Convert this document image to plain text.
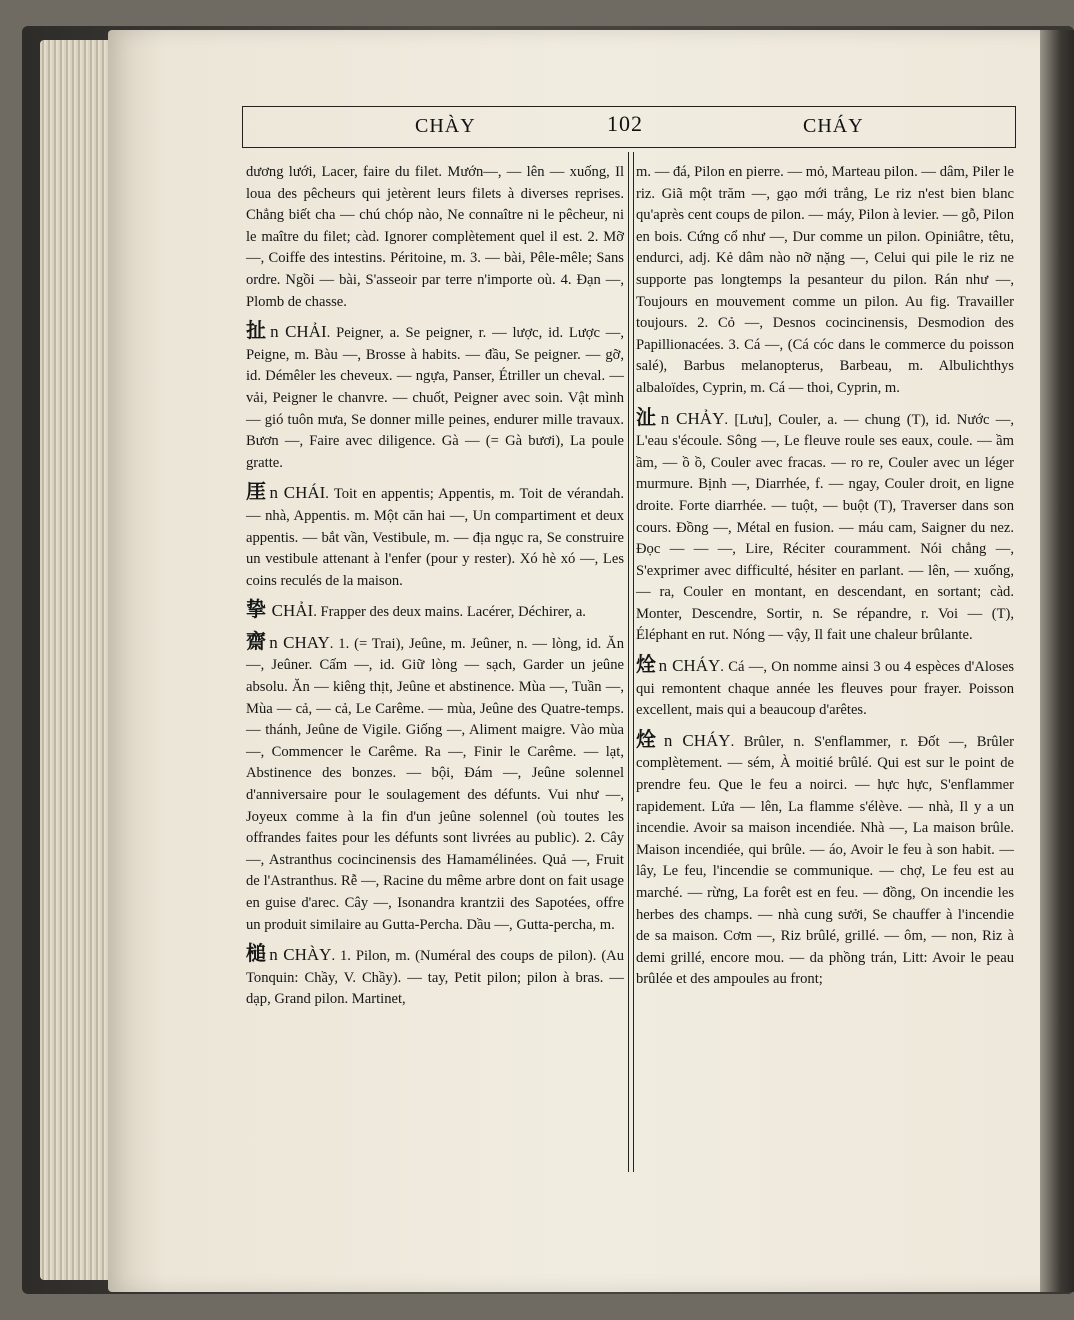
CHÀY	102	CHÁY

dương lưới, Lacer, faire du filet. Mướn—, — lên — xuống, Il loua des pêcheurs qui jetèrent leurs filets à diverses reprises. Chẳng biết cha — chú chóp nào, Ne connaître ni le pêcheur, ni le maître du filet; càd. Ignorer complètement quel il est. 2. Mỡ —, Coiffe des intestins. Péritoine, m. 3. — bài, Pêle-mêle; Sans ordre. Ngồi — bài, S'asseoir par terre n'importe où. 4. Đạn —, Plomb de chasse.

扯 n CHẢI. Peigner, a. Se peigner, r. — lược, id. Lược —, Peigne, m. Bàu —, Brosse à habits. — đầu, Se peigner. — gỡ, id. Démêler les cheveux. — ngựa, Panser, Étriller un cheval. — vải, Peigner le chanvre. — chuốt, Peigner avec soin. Vật mình — gió tuôn mưa, Se donner mille peines, endurer mille travaux. Bươn —, Faire avec diligence. Gà — (= Gà bươi), La poule gratte.

厓 n CHÁI. Toit en appentis; Appentis, m. Toit de vérandah. — nhà, Appentis. m. Một căn hai —, Un compartiment et deux appentis. — bắt vần, Vestibule, m. — địa ngục ra, Se construire un vestibule attenant à l'enfer (pour y rester). Xó hè xó —, Les coins reculés de la maison.

挚 CHẢI. Frapper des deux mains. Lacérer, Déchirer, a.

齋 n CHAY. 1. (= Trai), Jeûne, m. Jeûner, n. — lòng, id. Ăn —, Jeûner. Cấm —, id. Giữ lòng — sạch, Garder un jeûne absolu. Ăn — kiêng thịt, Jeûne et abstinence. Mùa —, Tuần —, Mùa — cả, — cả, Le Carême. — mùa, Jeûne des Quatre-temps. — thánh, Jeûne de Vigile. Giống —, Aliment maigre. Vào mùa —, Commencer le Carême. Ra —, Finir le Carême. — lạt, Abstinence des bonzes. — bội, Đám —, Jeûne solennel d'anniversaire pour le soulagement des défunts. Vui như —, Joyeux comme à la fin d'un jeûne solennel (où toutes les offrandes faites pour les défunts sont livrées au public). 2. Cây —, Astranthus cocincinensis des Hamamélinées. Quả —, Fruit de l'Astranthus. Rễ —, Racine du même arbre dont on fait usage en guise d'arec. Cây —, Isonandra krantzii des Sapotées, offre un produit similaire au Gutta-Percha. Dầu —, Gutta-percha, m.

槌 n CHÀY. 1. Pilon, m. (Numéral des coups de pilon). (Au Tonquin: Chầy, V. Chầy). — tay, Petit pilon; pilon à bras. — dạp, Grand pilon. Martinet,

m. — đá, Pilon en pierre. — mỏ, Marteau pilon. — dâm, Piler le riz. Giã một trăm —, gạo mới trắng, Le riz n'est bien blanc qu'après cent coups de pilon. — máy, Pilon à levier. — gỗ, Pilon en bois. Cứng cổ như —, Dur comme un pilon. Opiniâtre, têtu, endurci, adj. Kẻ dâm nào nỡ nặng —, Celui qui pile le riz ne supporte pas longtemps la pesanteur du pilon. Rán như —, Toujours en mouvement comme un pilon. Au fig. Travailler toujours. 2. Cỏ —, Desnos cocincinensis, Desmodion des Papillionacées. 3. Cá —, (Cá cóc dans le commerce du poisson salé), Barbus melanopterus, Barbeau, m. Albulichthys albaloïdes, Cyprin, m. Cá — thoi, Cyprin, m.

沚 n CHẢY. [Lưu], Couler, a. — chung (T), id. Nước —, L'eau s'écoule. Sông —, Le fleuve roule ses eaux, coule. — ầm ầm, — ồ ồ, Couler avec fracas. — ro re, Couler avec un léger murmure. Bịnh —, Diarrhée, f. — ngay, Couler droit, en ligne droite. Forte diarrhée. — tuột, — buột (T), Traverser dans son cours. Đồng —, Métal en fusion. — máu cam, Saigner du nez. Đọc — — —, Lire, Réciter couramment. Nói chẳng —, S'exprimer avec difficulté, hésiter en parlant. — lên, — xuống, — ra, Couler en montant, en descendant, en sortant; càd. Monter, Descendre, Sortir, n. Se répandre, r. Voi — (T), Éléphant en rut. Nóng — vậy, Il fait une chaleur brûlante.

烇 n CHÁY. Cá —, On nomme ainsi 3 ou 4 espèces d'Aloses qui remontent chaque année les fleuves pour frayer. Poisson excellent, mais qui a beaucoup d'arêtes.

烇 n CHÁY. Brûler, n. S'enflammer, r. Đốt —, Brûler complètement. — sém, À moitié brûlé. Qui est sur le point de prendre feu. Que le feu a noirci. — hực hực, S'enflammer rapidement. Lửa — lên, La flamme s'élève. — nhà, Il y a un incendie. Avoir sa maison incendiée. Nhà —, La maison brûle. Maison incendiée, qui brûle. — áo, Avoir le feu à son habit. — lây, Le feu, l'incendie se communique. — chợ, Le feu est au marché. — rừng, La forêt est en feu. — đồng, On incendie les herbes des champs. — nhà cung sưởi, Se chauffer à l'incendie de sa maison. Cơm —, Riz brûlé, grillé. — ôm, — non, Riz à demi grillé, encore mou. — da phồng trán, Litt: Avoir le peau brûlée et des ampoules au front;
